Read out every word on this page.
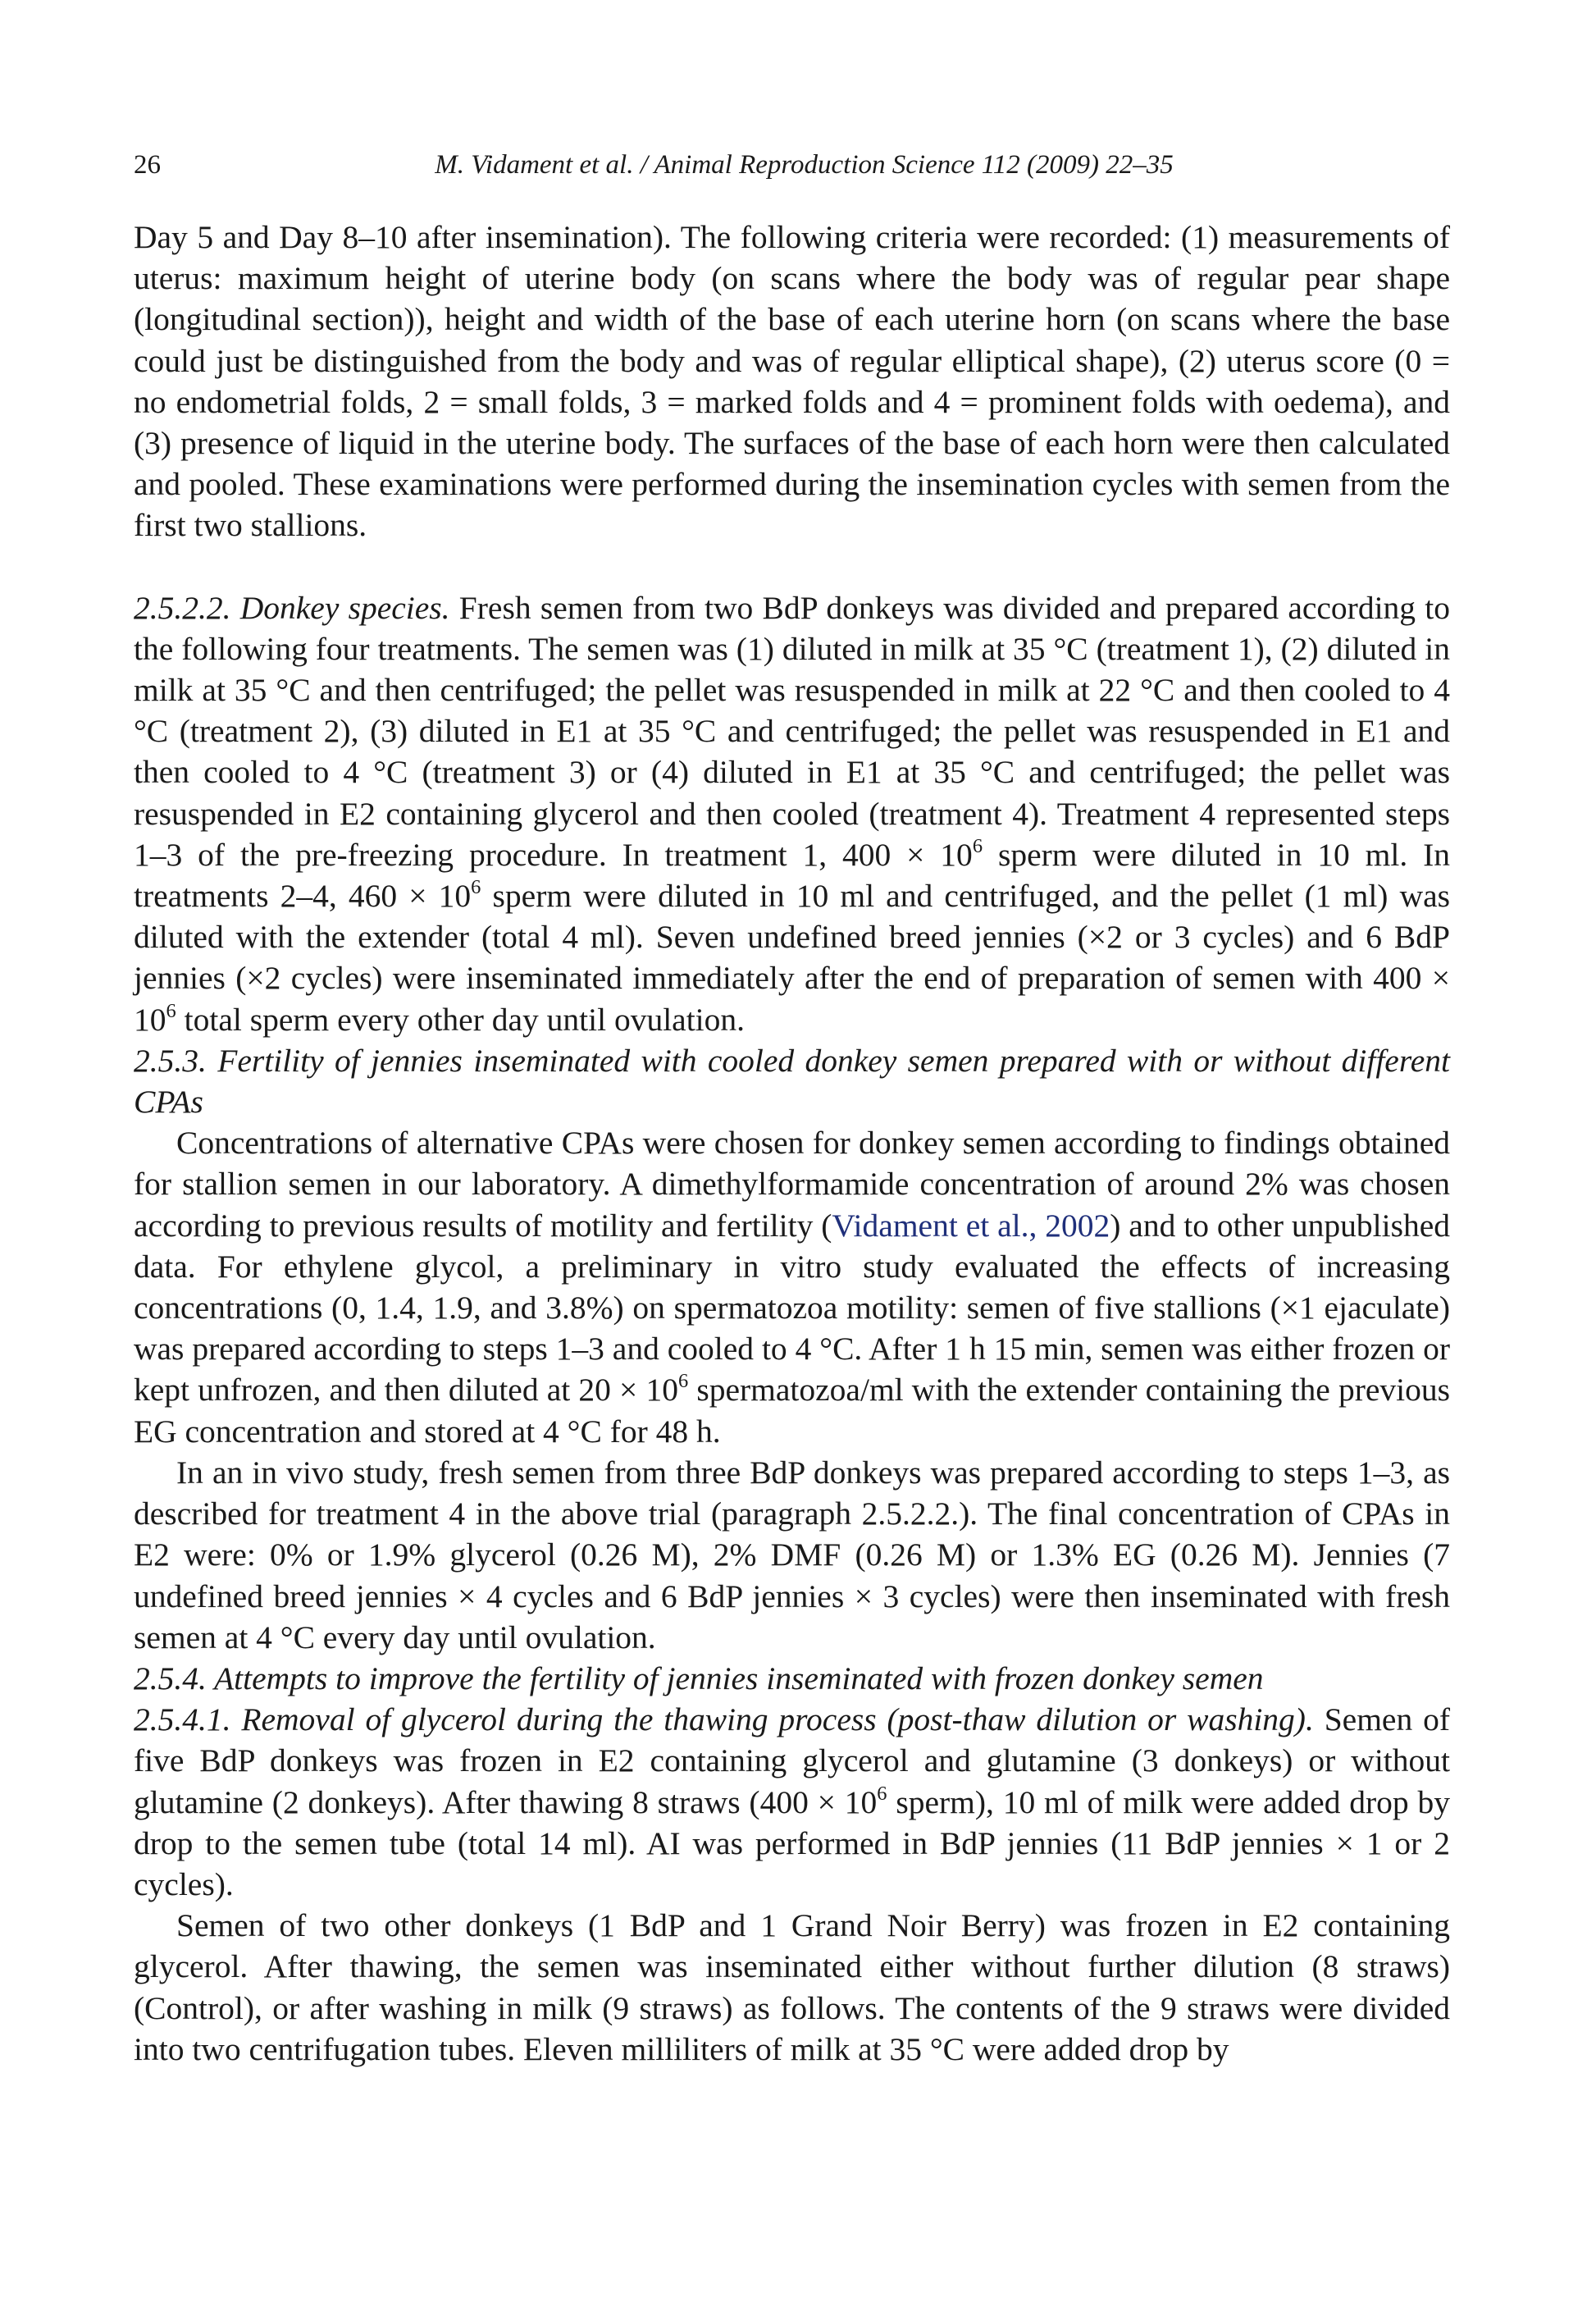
26	M. Vidament et al. / Animal Reproduction Science 112 (2009) 22–35

Day 5 and Day 8–10 after insemination). The following criteria were recorded: (1) measurements of uterus: maximum height of uterine body (on scans where the body was of regular pear shape (longitudinal section)), height and width of the base of each uterine horn (on scans where the base could just be distinguished from the body and was of regular elliptical shape), (2) uterus score (0 = no endometrial folds, 2 = small folds, 3 = marked folds and 4 = prominent folds with oedema), and (3) presence of liquid in the uterine body. The surfaces of the base of each horn were then calculated and pooled. These examinations were performed during the insemination cycles with semen from the first two stallions.

2.5.2.2. Donkey species. Fresh semen from two BdP donkeys was divided and prepared according to the following four treatments. The semen was (1) diluted in milk at 35 °C (treatment 1), (2) diluted in milk at 35 °C and then centrifuged; the pellet was resuspended in milk at 22 °C and then cooled to 4 °C (treatment 2), (3) diluted in E1 at 35 °C and centrifuged; the pellet was resuspended in E1 and then cooled to 4 °C (treatment 3) or (4) diluted in E1 at 35 °C and centrifuged; the pellet was resuspended in E2 containing glycerol and then cooled (treatment 4). Treatment 4 represented steps 1–3 of the pre-freezing procedure. In treatment 1, $400 \times 10^6$ sperm were diluted in 10 ml. In treatments 2–4, $460 \times 10^6$ sperm were diluted in 10 ml and centrifuged, and the pellet (1 ml) was diluted with the extender (total 4 ml). Seven undefined breed jennies (×2 or 3 cycles) and 6 BdP jennies (×2 cycles) were inseminated immediately after the end of preparation of semen with $400 \times 10^6$ total sperm every other day until ovulation.

2.5.3. Fertility of jennies inseminated with cooled donkey semen prepared with or without different CPAs

Concentrations of alternative CPAs were chosen for donkey semen according to findings obtained for stallion semen in our laboratory. A dimethylformamide concentration of around 2% was chosen according to previous results of motility and fertility (Vidament et al., 2002) and to other unpublished data. For ethylene glycol, a preliminary in vitro study evaluated the effects of increasing concentrations (0, 1.4, 1.9, and 3.8%) on spermatozoa motility: semen of five stallions (×1 ejaculate) was prepared according to steps 1–3 and cooled to 4 °C. After 1 h 15 min, semen was either frozen or kept unfrozen, and then diluted at $20 \times 10^6$ spermatozoa/ml with the extender containing the previous EG concentration and stored at 4 °C for 48 h.

In an in vivo study, fresh semen from three BdP donkeys was prepared according to steps 1–3, as described for treatment 4 in the above trial (paragraph 2.5.2.2.). The final concentration of CPAs in E2 were: 0% or 1.9% glycerol (0.26 M), 2% DMF (0.26 M) or 1.3% EG (0.26 M). Jennies (7 undefined breed jennies × 4 cycles and 6 BdP jennies × 3 cycles) were then inseminated with fresh semen at 4 °C every day until ovulation.

2.5.4. Attempts to improve the fertility of jennies inseminated with frozen donkey semen

2.5.4.1. Removal of glycerol during the thawing process (post-thaw dilution or washing). Semen of five BdP donkeys was frozen in E2 containing glycerol and glutamine (3 donkeys) or without glutamine (2 donkeys). After thawing 8 straws ($400 \times 10^6$ sperm), 10 ml of milk were added drop by drop to the semen tube (total 14 ml). AI was performed in BdP jennies (11 BdP jennies × 1 or 2 cycles).

Semen of two other donkeys (1 BdP and 1 Grand Noir Berry) was frozen in E2 containing glycerol. After thawing, the semen was inseminated either without further dilution (8 straws) (Control), or after washing in milk (9 straws) as follows. The contents of the 9 straws were divided into two centrifugation tubes. Eleven milliliters of milk at 35 °C were added drop by
